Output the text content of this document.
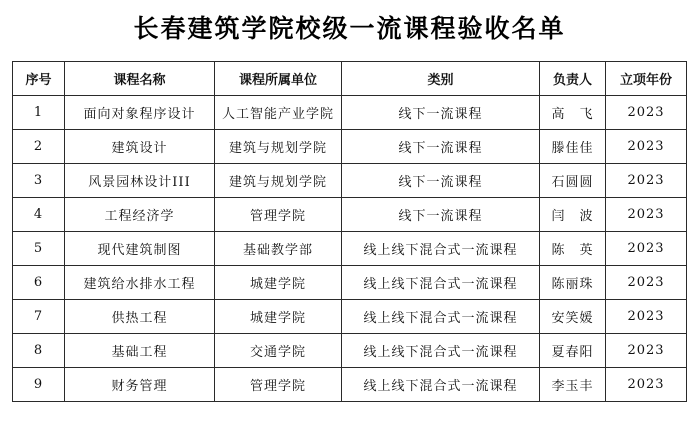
长春建筑学院校级一流课程验收名单
序号	课程名称	课程所属单位	类别	负责人	立项年份
1	面向对象程序设计	人工智能产业学院	线下一流课程	高　飞	2023
2	建筑设计	建筑与规划学院	线下一流课程	滕佳佳	2023
3	风景园林设计III	建筑与规划学院	线下一流课程	石圆圆	2023
4	工程经济学	管理学院	线下一流课程	闫　波	2023
5	现代建筑制图	基础教学部	线上线下混合式一流课程	陈　英	2023
6	建筑给水排水工程	城建学院	线上线下混合式一流课程	陈丽珠	2023
7	供热工程	城建学院	线上线下混合式一流课程	安笑媛	2023
8	基础工程	交通学院	线上线下混合式一流课程	夏春阳	2023
9	财务管理	管理学院	线上线下混合式一流课程	李玉丰	2023
